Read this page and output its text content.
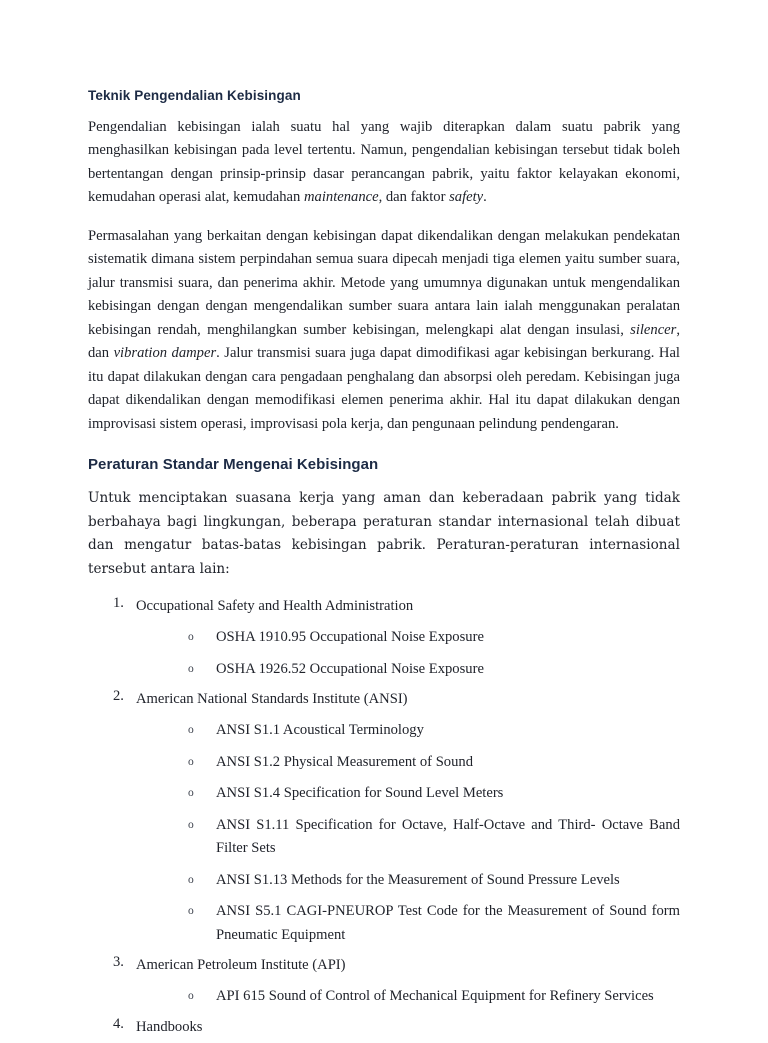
Teknik Pengendalian Kebisingan

Pengendalian kebisingan ialah suatu hal yang wajib diterapkan dalam suatu pabrik yang menghasilkan kebisingan pada level tertentu. Namun, pengendalian kebisingan tersebut tidak boleh bertentangan dengan prinsip-prinsip dasar perancangan pabrik, yaitu faktor kelayakan ekonomi, kemudahan operasi alat, kemudahan maintenance, dan faktor safety.

Permasalahan yang berkaitan dengan kebisingan dapat dikendalikan dengan melakukan pendekatan sistematik dimana sistem perpindahan semua suara dipecah menjadi tiga elemen yaitu sumber suara, jalur transmisi suara, dan penerima akhir. Metode yang umumnya digunakan untuk mengendalikan kebisingan dengan dengan mengendalikan sumber suara antara lain ialah menggunakan peralatan kebisingan rendah, menghilangkan sumber kebisingan, melengkapi alat dengan insulasi, silencer, dan vibration damper. Jalur transmisi suara juga dapat dimodifikasi agar kebisingan berkurang. Hal itu dapat dilakukan dengan cara pengadaan penghalang dan absorpsi oleh peredam. Kebisingan juga dapat dikendalikan dengan memodifikasi elemen penerima akhir. Hal itu dapat dilakukan dengan improvisasi sistem operasi, improvisasi pola kerja, dan pengunaan pelindung pendengaran.

Peraturan Standar Mengenai Kebisingan

Untuk menciptakan suasana kerja yang aman dan keberadaan pabrik yang tidak berbahaya bagi lingkungan, beberapa peraturan standar internasional telah dibuat dan mengatur batas-batas kebisingan pabrik. Peraturan-peraturan internasional tersebut antara lain:

1. Occupational Safety and Health Administration
o OSHA 1910.95 Occupational Noise Exposure
o OSHA 1926.52 Occupational Noise Exposure
2. American National Standards Institute (ANSI)
o ANSI S1.1 Acoustical Terminology
o ANSI S1.2 Physical Measurement of Sound
o ANSI S1.4 Specification for Sound Level Meters
o ANSI S1.11 Specification for Octave, Half-Octave and Third- Octave Band Filter Sets
o ANSI S1.13 Methods for the Measurement of Sound Pressure Levels
o ANSI S5.1 CAGI-PNEUROP Test Code for the Measurement of Sound form Pneumatic Equipment
3. American Petroleum Institute (API)
o API 615 Sound of Control of Mechanical Equipment for Refinery Services
4. Handbooks
